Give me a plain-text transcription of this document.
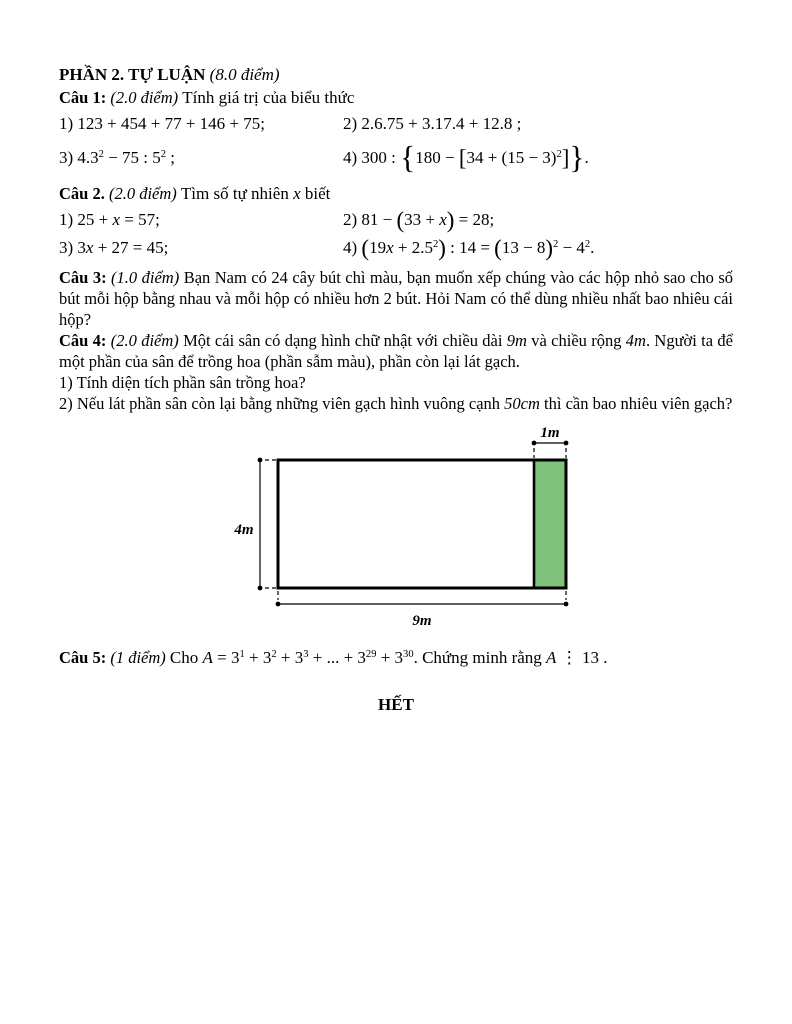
PHẦN 2. TỰ LUẬN (8.0 điểm)

Câu 1: (2.0 điểm) Tính giá trị của biểu thức

1) 123 + 454 + 77 + 146 + 75;	2) 2.6.75 + 3.17.4 + 12.8 ;
3) $4.3^2 - 75$ : $5^2$ ;	4) 300 : $\{180 - [34 + (15 - 3)^2]\}$.

Câu 2. (2.0 điểm) Tìm số tự nhiên x biết

1) 25 + x = 57;	2) 81 − (33 + x) = 28;
3) 3x + 27 = 45;	4) $(19x + 2.5^2)$ : $14 = (13 - 8)^2 - 4^2$.

Câu 3: (1.0 điểm) Bạn Nam có 24 cây bút chì màu, bạn muốn xếp chúng vào các hộp nhỏ sao cho số bút mỗi hộp bằng nhau và mỗi hộp có nhiều hơn 2 bút. Hỏi Nam có thể dùng nhiều nhất bao nhiêu cái hộp?

Câu 4: (2.0 điểm) Một cái sân có dạng hình chữ nhật với chiều dài 9m và chiều rộng 4m. Người ta để một phần của sân để trồng hoa (phần sẫm màu), phần còn lại lát gạch.

1) Tính diện tích phần sân trồng hoa?

2) Nếu lát phần sân còn lại bằng những viên gạch hình vuông cạnh 50cm thì cần bao nhiêu viên gạch?

1m
4m
9m

Câu 5: (1 điểm) Cho $A = 3^1 + 3^2 + 3^3$ + ... + $3^{29} + 3^{30}$. Chứng minh rằng A ⋮ 13 .

HẾT
